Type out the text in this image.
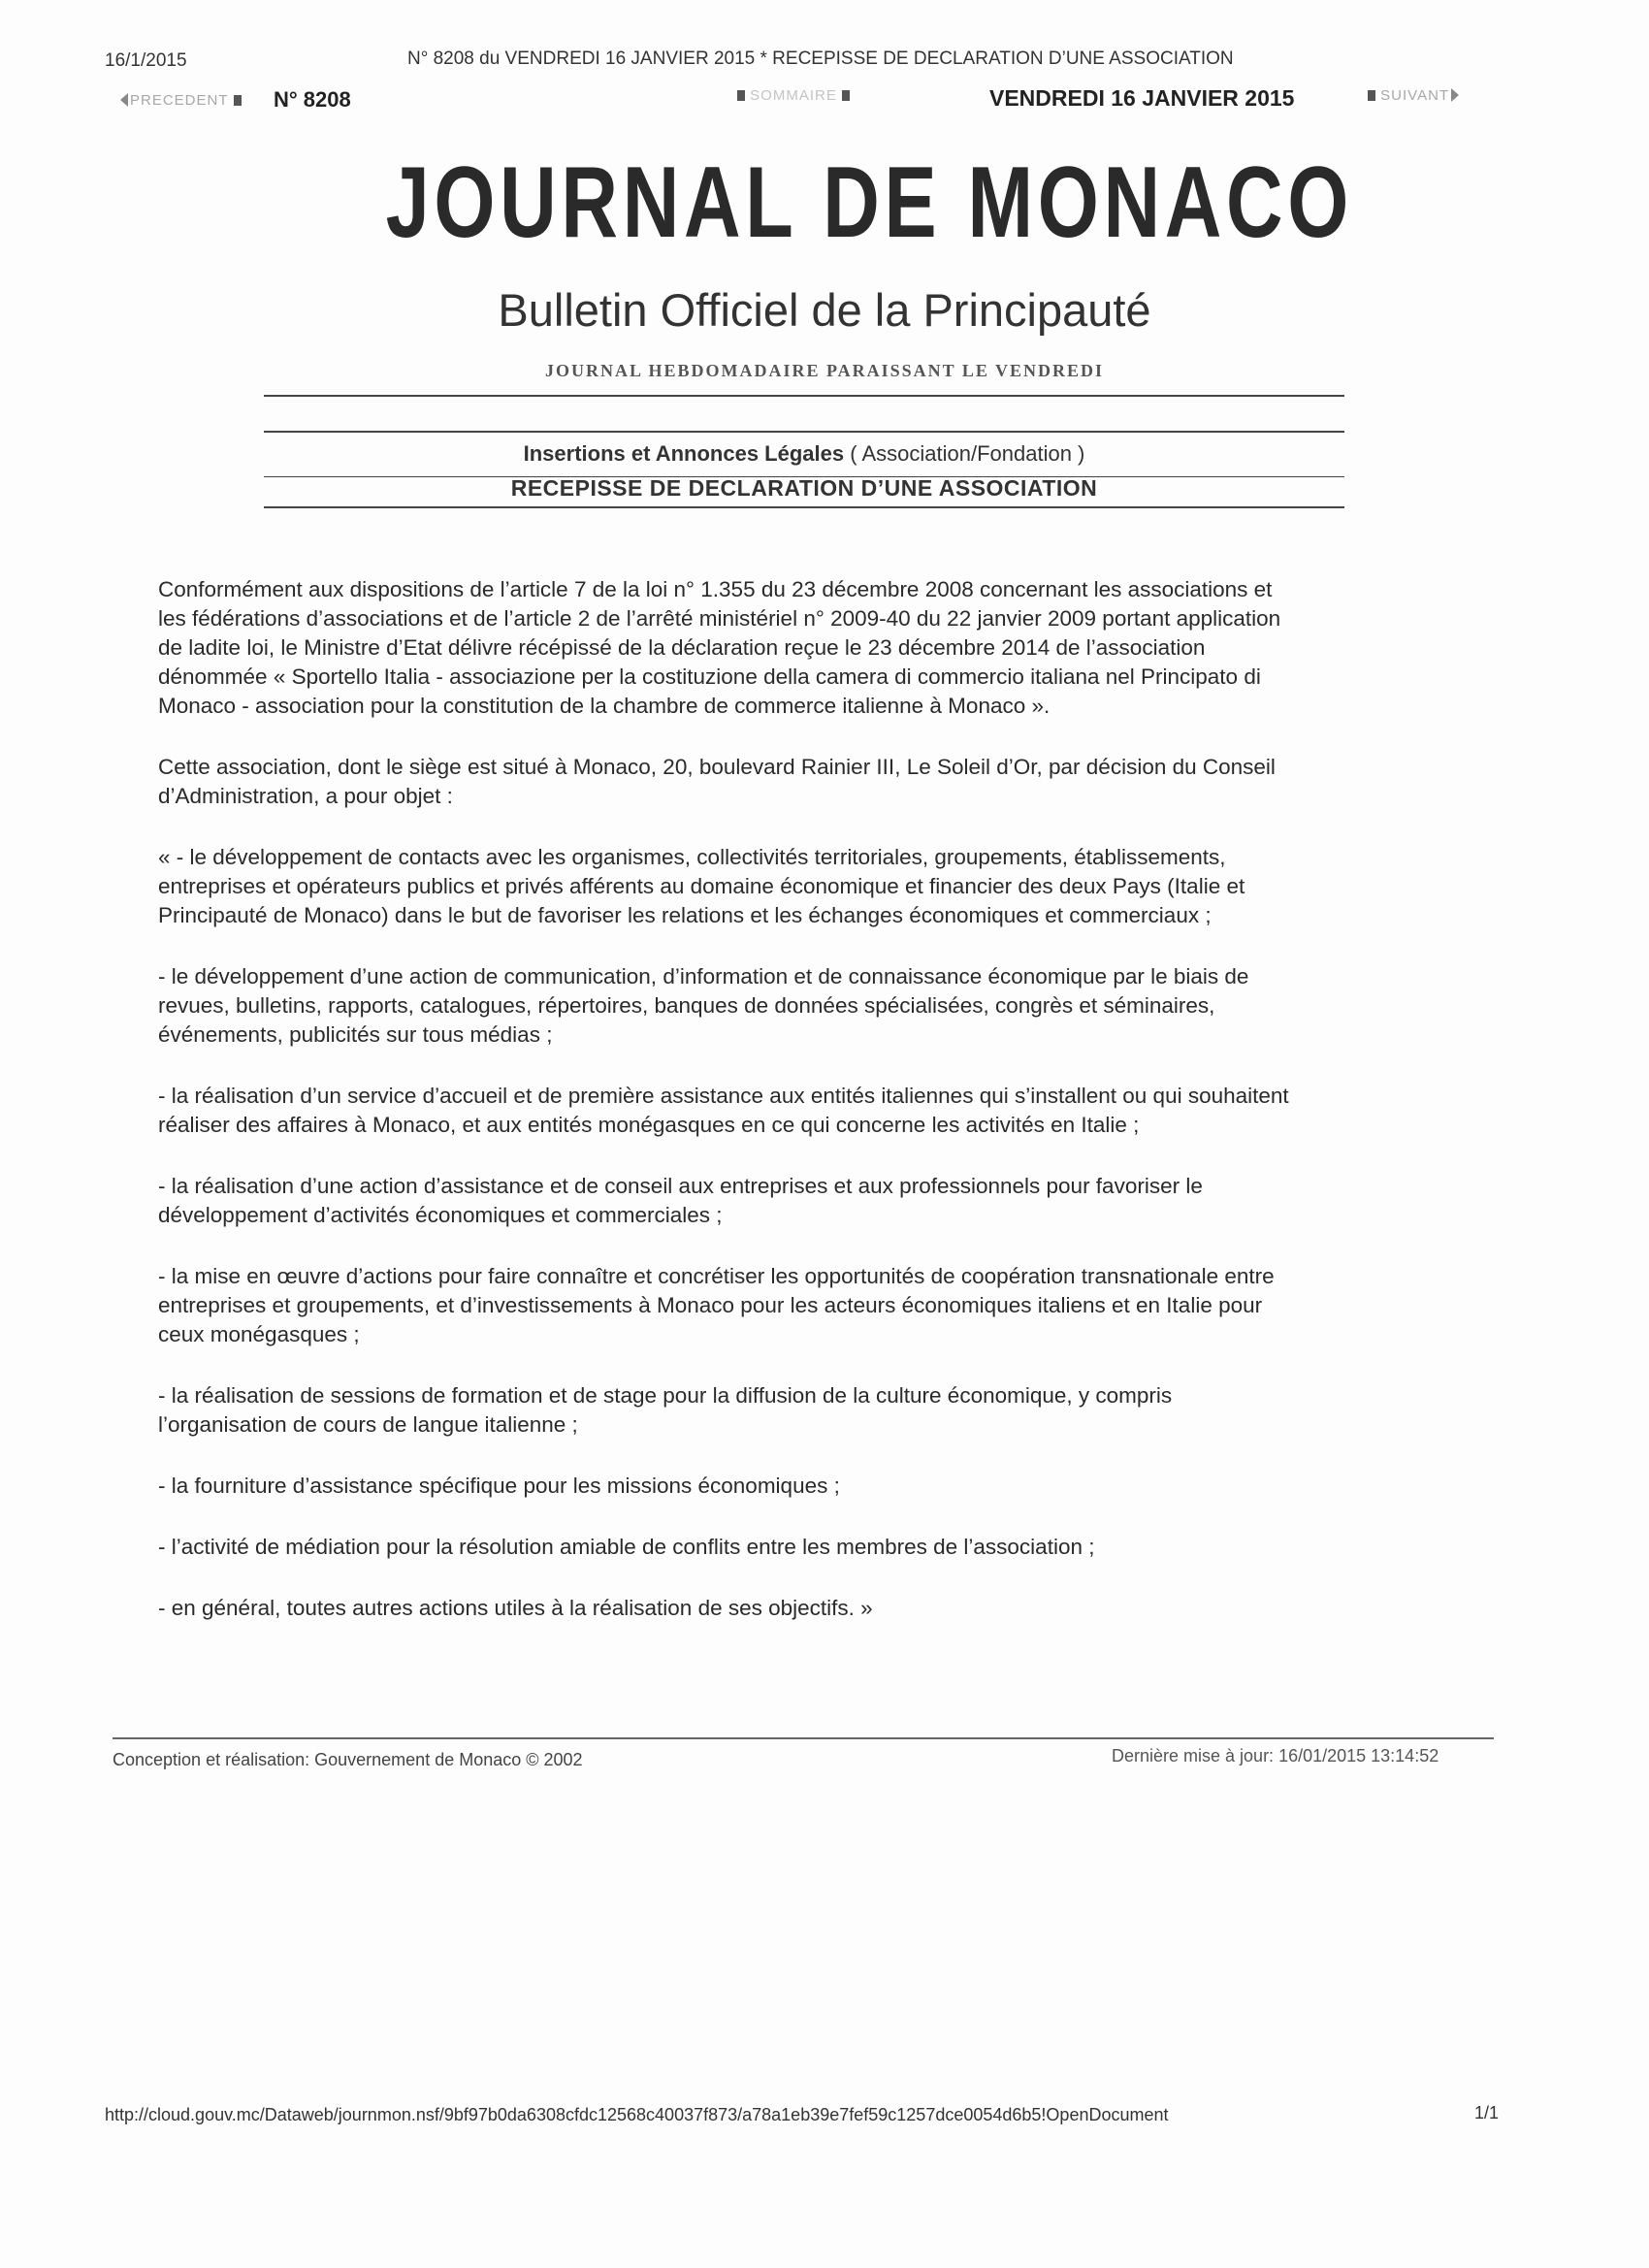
16/1/2015	N° 8208 du VENDREDI 16 JANVIER 2015 * RECEPISSE DE DECLARATION D’UNE ASSOCIATION
PRECEDENT	N° 8208	SOMMAIRE	VENDREDI 16 JANVIER 2015	SUIVANT
JOURNAL DE MONACO
Bulletin Officiel de la Principauté
JOURNAL HEBDOMADAIRE PARAISSANT LE VENDREDI
Insertions et Annonces Légales ( Association/Fondation )
RECEPISSE DE DECLARATION D’UNE ASSOCIATION

Conformément aux dispositions de l’article 7 de la loi n° 1.355 du 23 décembre 2008 concernant les associations et
les fédérations d’associations et de l’article 2 de l’arrêté ministériel n° 2009-40 du 22 janvier 2009 portant application
de ladite loi, le Ministre d’Etat délivre récépissé de la déclaration reçue le 23 décembre 2014 de l’association
dénommée « Sportello Italia - associazione per la costituzione della camera di commercio italiana nel Principato di
Monaco - association pour la constitution de la chambre de commerce italienne à Monaco ».

Cette association, dont le siège est situé à Monaco, 20, boulevard Rainier III, Le Soleil d’Or, par décision du Conseil
d’Administration, a pour objet :

« - le développement de contacts avec les organismes, collectivités territoriales, groupements, établissements,
entreprises et opérateurs publics et privés afférents au domaine économique et financier des deux Pays (Italie et
Principauté de Monaco) dans le but de favoriser les relations et les échanges économiques et commerciaux ;

- le développement d’une action de communication, d’information et de connaissance économique par le biais de
revues, bulletins, rapports, catalogues, répertoires, banques de données spécialisées, congrès et séminaires,
événements, publicités sur tous médias ;

- la réalisation d’un service d’accueil et de première assistance aux entités italiennes qui s’installent ou qui souhaitent
réaliser des affaires à Monaco, et aux entités monégasques en ce qui concerne les activités en Italie ;

- la réalisation d’une action d’assistance et de conseil aux entreprises et aux professionnels pour favoriser le
développement d’activités économiques et commerciales ;

- la mise en œuvre d’actions pour faire connaître et concrétiser les opportunités de coopération transnationale entre
entreprises et groupements, et d’investissements à Monaco pour les acteurs économiques italiens et en Italie pour
ceux monégasques ;

- la réalisation de sessions de formation et de stage pour la diffusion de la culture économique, y compris
l’organisation de cours de langue italienne ;

- la fourniture d’assistance spécifique pour les missions économiques ;

- l’activité de médiation pour la résolution amiable de conflits entre les membres de l’association ;

- en général, toutes autres actions utiles à la réalisation de ses objectifs. »

Conception et réalisation: Gouvernement de Monaco © 2002	Dernière mise à jour: 16/01/2015 13:14:52
http://cloud.gouv.mc/Dataweb/journmon.nsf/9bf97b0da6308cfdc12568c40037f873/a78a1eb39e7fef59c1257dce0054d6b5!OpenDocument	1/1
